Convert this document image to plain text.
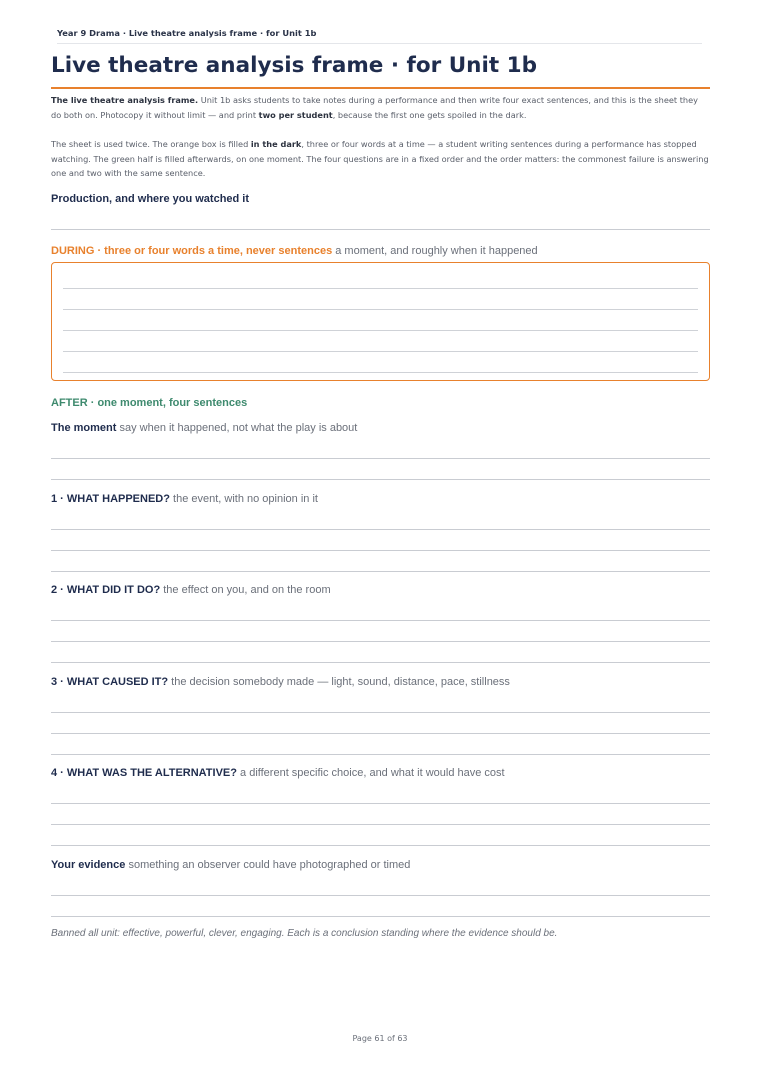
Year 9 Drama · Live theatre analysis frame · for Unit 1b
Live theatre analysis frame · for Unit 1b

The live theatre analysis frame. Unit 1b asks students to take notes during a performance and then write four exact sentences, and this is the sheet they do both on. Photocopy it without limit — and print two per student, because the first one gets spoiled in the dark.

The sheet is used twice. The orange box is filled in the dark, three or four words at a time — a student writing sentences during a performance has stopped watching. The green half is filled afterwards, on one moment. The four questions are in a fixed order and the order matters: the commonest failure is answering one and two with the same sentence.

Production, and where you watched it
DURING · three or four words a time, never sentences a moment, and roughly when it happened
AFTER · one moment, four sentences
The moment say when it happened, not what the play is about
1 · WHAT HAPPENED? the event, with no opinion in it
2 · WHAT DID IT DO? the effect on you, and on the room
3 · WHAT CAUSED IT? the decision somebody made — light, sound, distance, pace, stillness
4 · WHAT WAS THE ALTERNATIVE? a different specific choice, and what it would have cost
Your evidence something an observer could have photographed or timed
Banned all unit: effective, powerful, clever, engaging. Each is a conclusion standing where the evidence should be.
Page 61 of 63
